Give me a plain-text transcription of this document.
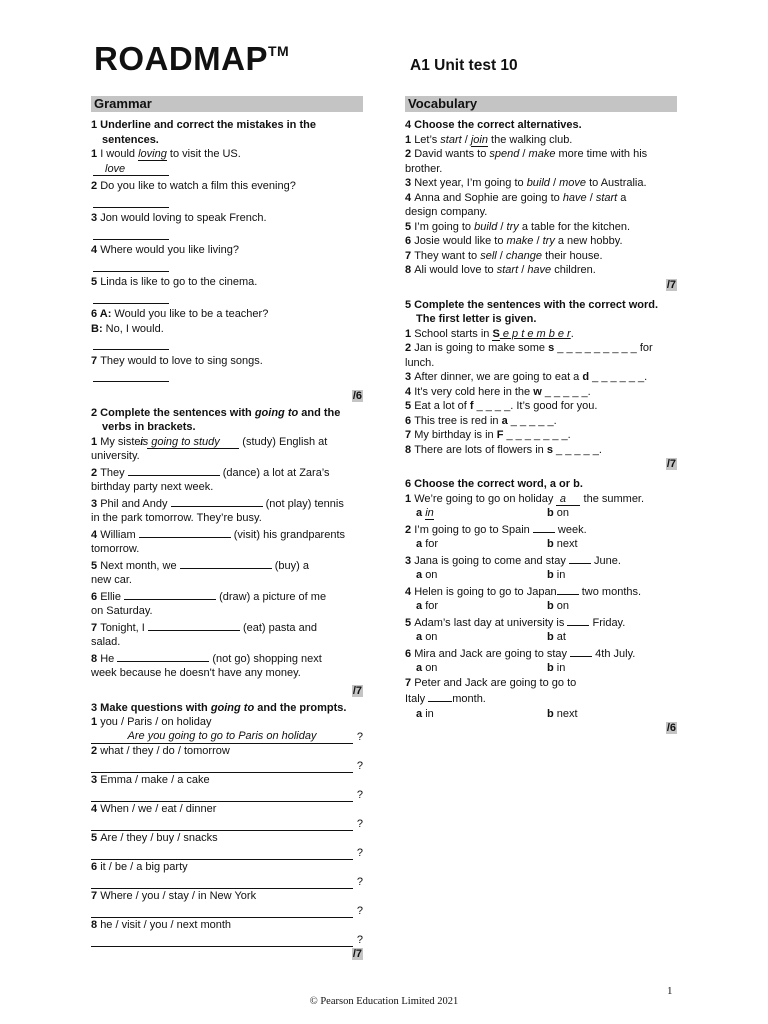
ROADMAP™
A1 Unit test 10
Grammar
1 Underline and correct the mistakes in the sentences.
1 I would loving to visit the US.
love
2 Do you like to watch a film this evening?

3 Jon would loving to speak French.

4 Where would you like living?

5 Linda is like to go to the cinema.

6 A: Would you like to be a teacher?
B: No, I would.

7 They would to love to sing songs.

/6
2 Complete the sentences with going to and the verbs in brackets.
1 My sister is going to study (study) English at
university.
2 They	(dance) a lot at Zara’s
birthday party next week.
3 Phil and Andy	(not play) tennis
in the park tomorrow. They’re busy.
4 William	(visit) his grandparents
tomorrow.
5 Next month, we	(buy) a
new car.
6 Ellie	(draw) a picture of me
on Saturday.
7 Tonight, I	(eat) pasta and
salad.
8 He	(not go) shopping next
week because he doesn't have any money.
/7
3 Make questions with going to and the prompts.
1 you / Paris / on holiday
Are you going to go to Paris on holiday	?
2 what / they / do / tomorrow
?
3 Emma / make / a cake
?
4 When / we / eat / dinner
?
5 Are / they / buy / snacks
?
6 it / be / a big party
?
7 Where / you / stay / in New York
?
8 he / visit / you / next month
?
/7
Vocabulary
4 Choose the correct alternatives.
1 Let’s start / join the walking club.
2 David wants to spend / make more time with his
brother.
3 Next year, I’m going to build / move to Australia.
4 Anna and Sophie are going to have / start a
design company.
5 I’m going to build / try a table for the kitchen.
6 Josie would like to make / try a new hobby.
7 They want to sell / change their house.
8 Ali would love to start / have children.
/7
5 Complete the sentences with the correct word. The first letter is given.
1 School starts in S e p t e m b e r.
2 Jan is going to make some s _ _ _ _ _ _ _ _ _ for
lunch.
3 After dinner, we are going to eat a d _ _ _ _ _ _.
4 It’s very cold here in the w _ _ _ _ _.
5 Eat a lot of f _ _ _ _. It’s good for you.
6 This tree is red in a _ _ _ _ _.
7 My birthday is in F _ _ _ _ _ _ _.
8 There are lots of flowers in s _ _ _ _ _.
/7
6 Choose the correct word, a or b.
1 We’re going to go on holiday a the summer.
a in	b on
2 I’m going to go to Spain  week.
a for	b next
3 Jana is going to come and stay  June.
a on	b in
4 Helen is going to go to Japan two months.
a for	b on
5 Adam’s last day at university is  Friday.
a on	b at
6 Mira and Jack are going to stay  4th July.
a on	b in
7 Peter and Jack are going to go to
Italy month.
a in	b next
/6
© Pearson Education Limited 2021
1
